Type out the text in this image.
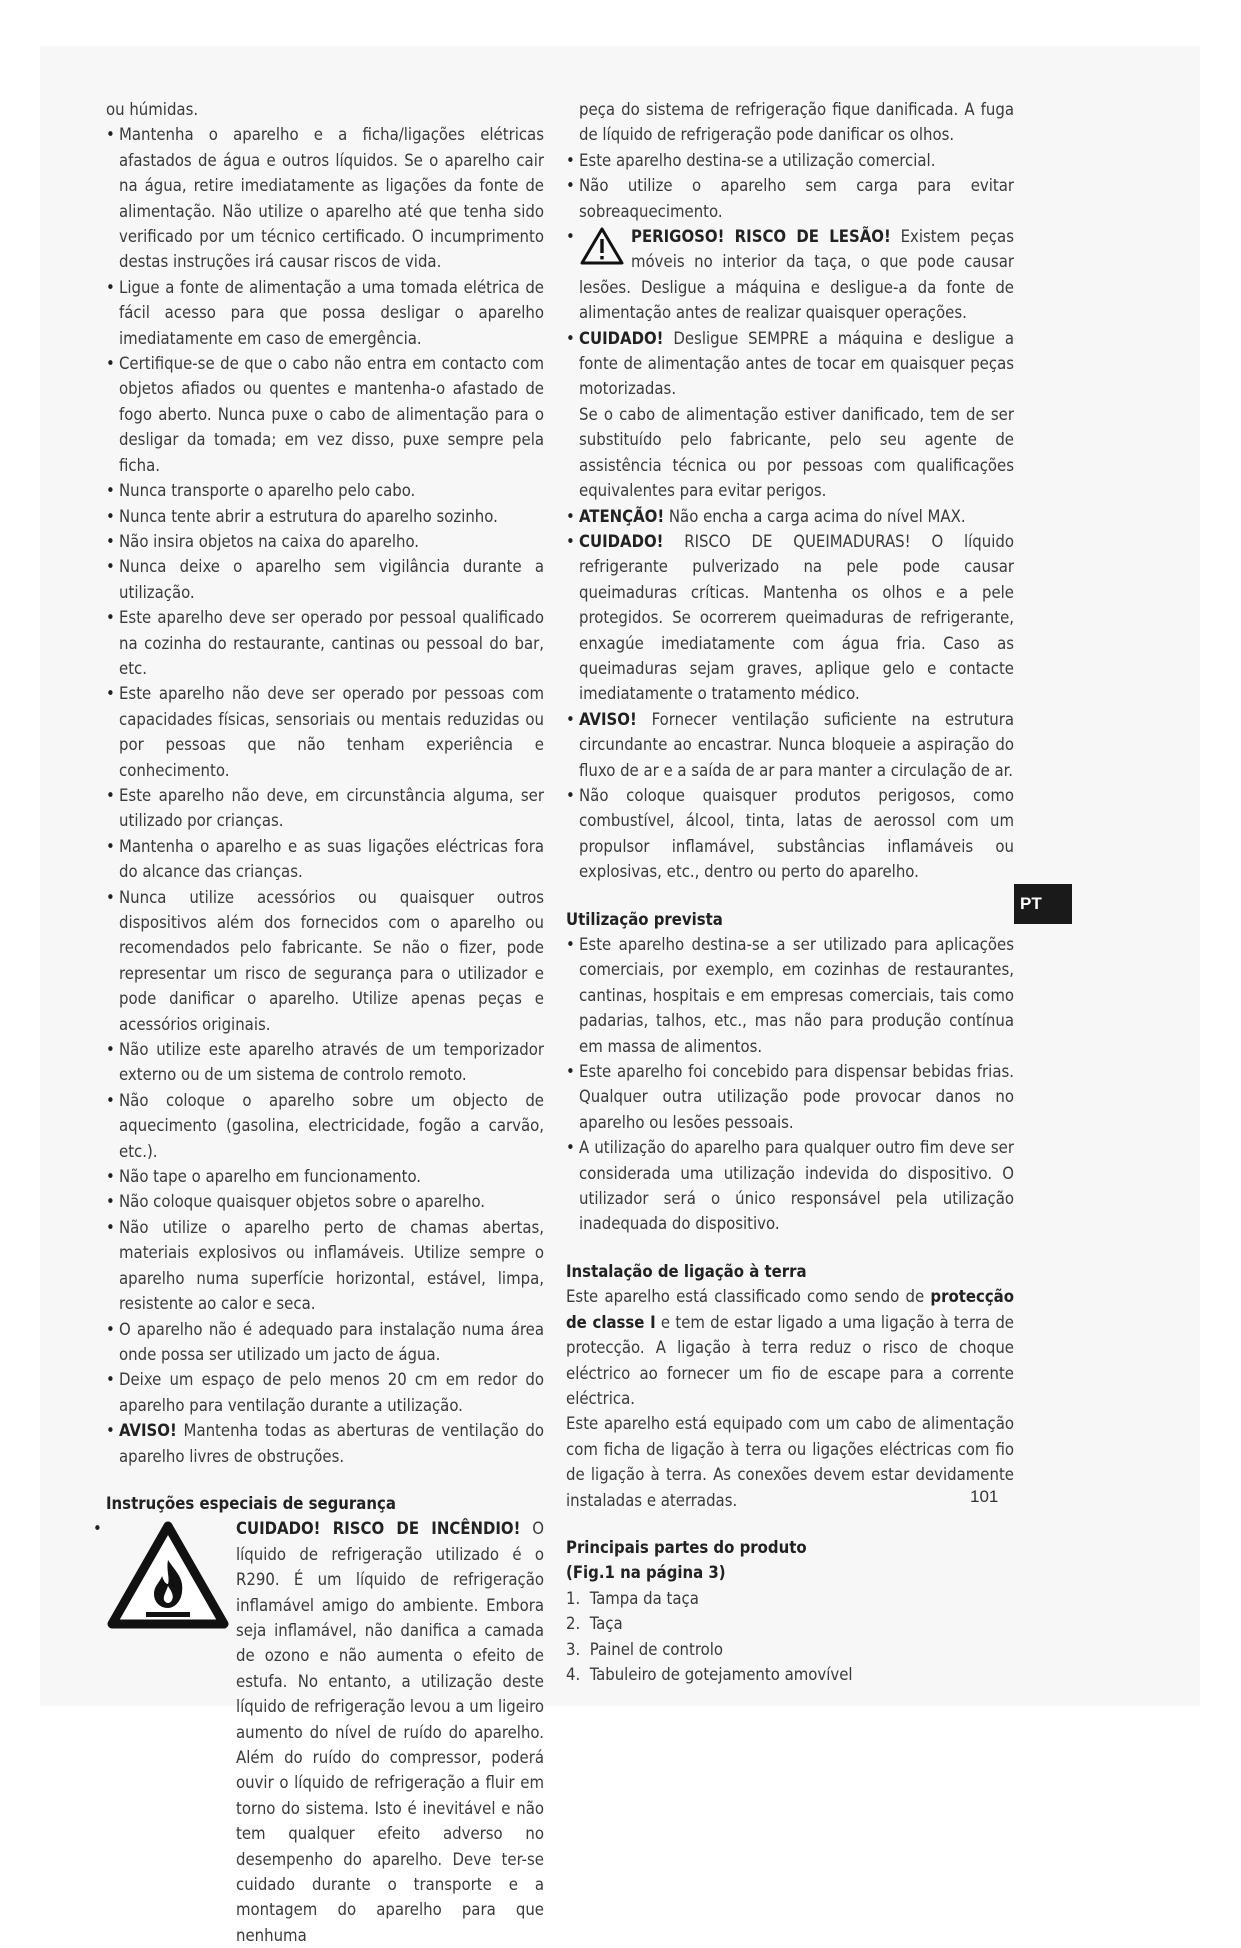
ou húmidas.

• Mantenha o aparelho e a ficha/ligações elétricas afastados de água e outros líquidos. Se o aparelho cair na água, retire imediatamente as ligações da fonte de alimentação. Não utilize o aparelho até que tenha sido verificado por um técnico certificado. O incumprimento destas instruções irá causar riscos de vida.
• Ligue a fonte de alimentação a uma tomada elétrica de fácil acesso para que possa desligar o aparelho imediatamente em caso de emergência.
• Certifique-se de que o cabo não entra em contacto com objetos afiados ou quentes e mantenha-o afastado de fogo aberto. Nunca puxe o cabo de alimentação para o desligar da tomada; em vez disso, puxe sempre pela ficha.
• Nunca transporte o aparelho pelo cabo.
• Nunca tente abrir a estrutura do aparelho sozinho.
• Não insira objetos na caixa do aparelho.
• Nunca deixe o aparelho sem vigilância durante a utilização.
• Este aparelho deve ser operado por pessoal qualificado na cozinha do restaurante, cantinas ou pessoal do bar, etc.
• Este aparelho não deve ser operado por pessoas com capacidades físicas, sensoriais ou mentais reduzidas ou por pessoas que não tenham experiência e conhecimento.
• Este aparelho não deve, em circunstância alguma, ser utilizado por crianças.
• Mantenha o aparelho e as suas ligações eléctricas fora do alcance das crianças.
• Nunca utilize acessórios ou quaisquer outros dispositivos além dos fornecidos com o aparelho ou recomendados pelo fabricante. Se não o fizer, pode representar um risco de segurança para o utilizador e pode danificar o aparelho. Utilize apenas peças e acessórios originais.
• Não utilize este aparelho através de um temporizador externo ou de um sistema de controlo remoto.
• Não coloque o aparelho sobre um objecto de aquecimento (gasolina, electricidade, fogão a carvão, etc.).
• Não tape o aparelho em funcionamento.
• Não coloque quaisquer objetos sobre o aparelho.
• Não utilize o aparelho perto de chamas abertas, materiais explosivos ou inflamáveis. Utilize sempre o aparelho numa superfície horizontal, estável, limpa, resistente ao calor e seca.
• O aparelho não é adequado para instalação numa área onde possa ser utilizado um jacto de água.
• Deixe um espaço de pelo menos 20 cm em redor do aparelho para ventilação durante a utilização.
• AVISO! Mantenha todas as aberturas de ventilação do aparelho livres de obstruções.
Instruções especiais de segurança
•	CUIDADO! RISCO DE INCÊNDIO! O líquido de refrigeração utilizado é o R290. É um líquido de refrigeração inflamável amigo do ambiente. Embora seja inflamável, não danifica a camada de ozono e não aumenta o efeito de estufa. No entanto, a utilização deste líquido de refrigeração levou a um ligeiro aumento do nível de ruído do aparelho. Além do ruído do compressor, poderá ouvir o líquido de refrigeração a fluir em torno do sistema. Isto é inevitável e não tem qualquer efeito adverso no desempenho do aparelho. Deve ter-se cuidado durante o transporte e a montagem do aparelho para que nenhuma

peça do sistema de refrigeração fique danificada. A fuga de líquido de refrigeração pode danificar os olhos.

• Este aparelho destina-se a utilização comercial.
• Não utilize o aparelho sem carga para evitar sobreaquecimento.
• PERIGOSO! RISCO DE LESÃO! Existem peças móveis no interior da taça, o que pode causar lesões. Desligue a máquina e desligue-a da fonte de alimentação antes de realizar quaisquer operações.
• CUIDADO! Desligue SEMPRE a máquina e desligue a fonte de alimentação antes de tocar em quaisquer peças motorizadas.

Se o cabo de alimentação estiver danificado, tem de ser substituído pelo fabricante, pelo seu agente de assistência técnica ou por pessoas com qualificações equivalentes para evitar perigos.

• ATENÇÃO! Não encha a carga acima do nível MAX.
• CUIDADO! RISCO DE QUEIMADURAS! O líquido refrigerante pulverizado na pele pode causar queimaduras críticas. Mantenha os olhos e a pele protegidos. Se ocorrerem queimaduras de refrigerante, enxagúe imediatamente com água fria. Caso as queimaduras sejam graves, aplique gelo e contacte imediatamente o tratamento médico.
• AVISO! Fornecer ventilação suficiente na estrutura circundante ao encastrar. Nunca bloqueie a aspiração do fluxo de ar e a saída de ar para manter a circulação de ar.
• Não coloque quaisquer produtos perigosos, como combustível, álcool, tinta, latas de aerossol com um propulsor inflamável, substâncias inflamáveis ou explosivas, etc., dentro ou perto do aparelho.
Utilização prevista
• Este aparelho destina-se a ser utilizado para aplicações comerciais, por exemplo, em cozinhas de restaurantes, cantinas, hospitais e em empresas comerciais, tais como padarias, talhos, etc., mas não para produção contínua em massa de alimentos.
• Este aparelho foi concebido para dispensar bebidas frias. Qualquer outra utilização pode provocar danos no aparelho ou lesões pessoais.
• A utilização do aparelho para qualquer outro fim deve ser considerada uma utilização indevida do dispositivo. O utilizador será o único responsável pela utilização inadequada do dispositivo.
Instalação de ligação à terra

Este aparelho está classificado como sendo de protecção de classe I e tem de estar ligado a uma ligação à terra de protecção. A ligação à terra reduz o risco de choque eléctrico ao fornecer um fio de escape para a corrente eléctrica.

Este aparelho está equipado com um cabo de alimentação com ficha de ligação à terra ou ligações eléctricas com fio de ligação à terra. As conexões devem estar devidamente instaladas e aterradas.

Principais partes do produto
(Fig.1 na página 3)
1.  Tampa da taça
2.  Taça
3.  Painel de controlo
4.  Tabuleiro de gotejamento amovível
PT
101
